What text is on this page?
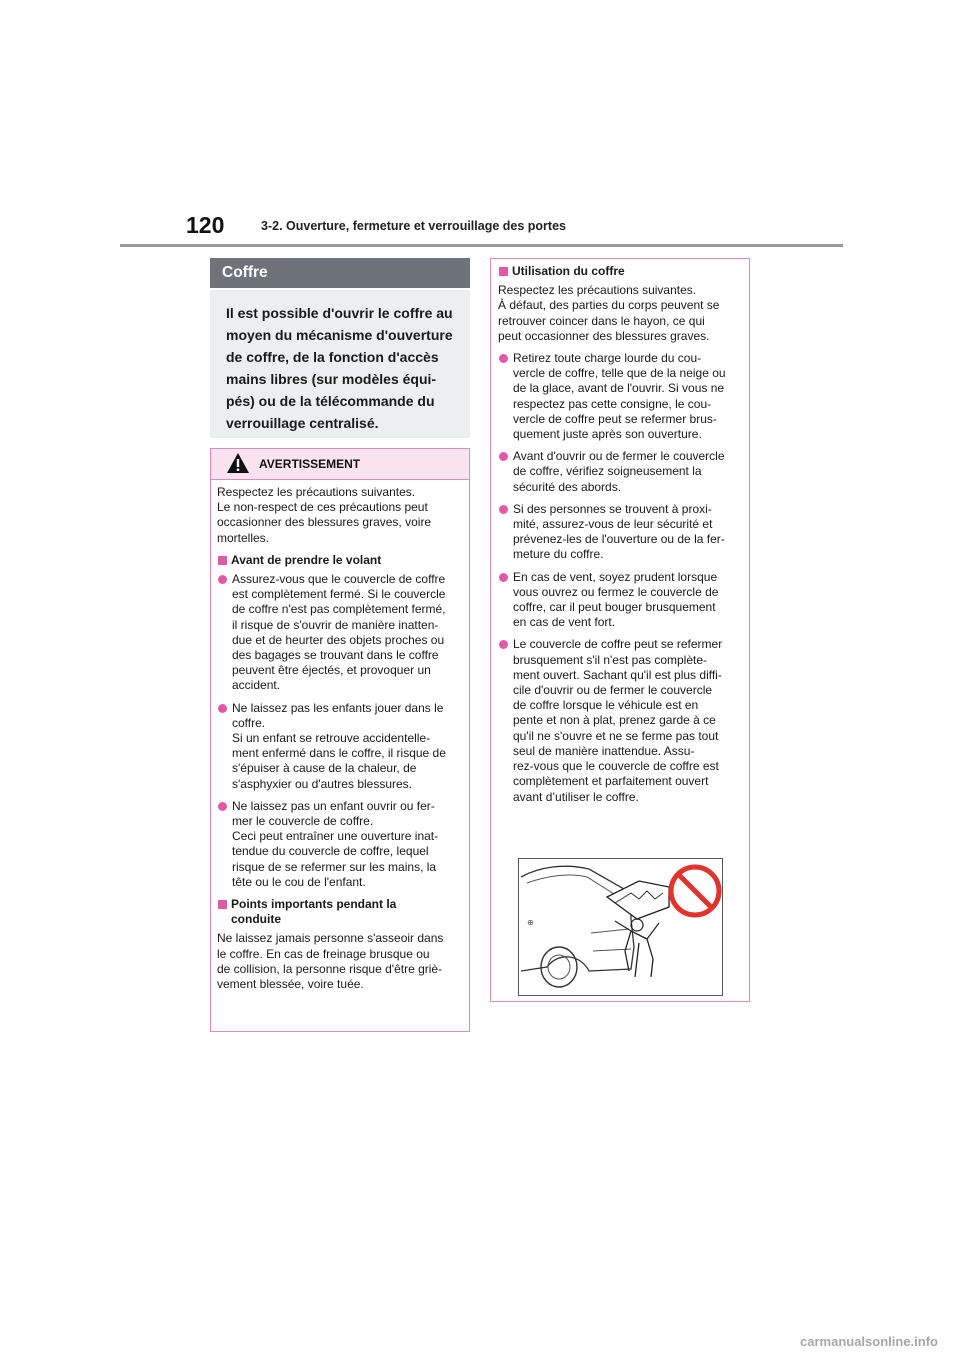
120	3-2. Ouverture, fermeture et verrouillage des portes
Coffre
Il est possible d'ouvrir le coffre au
moyen du mécanisme d'ouverture
de coffre, de la fonction d'accès
mains libres (sur modèles équi-
pés) ou de la télécommande du
verrouillage centralisé.
AVERTISSEMENT
Respectez les précautions suivantes.
Le non-respect de ces précautions peut
occasionner des blessures graves, voire
mortelles.
Avant de prendre le volant
Assurez-vous que le couvercle de coffre
est complètement fermé. Si le couvercle
de coffre n'est pas complètement fermé,
il risque de s'ouvrir de manière inatten-
due et de heurter des objets proches ou
des bagages se trouvant dans le coffre
peuvent être éjectés, et provoquer un
accident.
Ne laissez pas les enfants jouer dans le
coffre.
Si un enfant se retrouve accidentelle-
ment enfermé dans le coffre, il risque de
s'épuiser à cause de la chaleur, de
s'asphyxier ou d'autres blessures.
Ne laissez pas un enfant ouvrir ou fer-
mer le couvercle de coffre.
Ceci peut entraîner une ouverture inat-
tendue du couvercle de coffre, lequel
risque de se refermer sur les mains, la
tête ou le cou de l'enfant.
Points importants pendant la
conduite
Ne laissez jamais personne s'asseoir dans
le coffre. En cas de freinage brusque ou
de collision, la personne risque d'être griè-
vement blessée, voire tuée.
Utilisation du coffre
Respectez les précautions suivantes.
À défaut, des parties du corps peuvent se
retrouver coincer dans le hayon, ce qui
peut occasionner des blessures graves.
Retirez toute charge lourde du cou-
vercle de coffre, telle que de la neige ou
de la glace, avant de l'ouvrir. Si vous ne
respectez pas cette consigne, le cou-
vercle de coffre peut se refermer brus-
quement juste après son ouverture.
Avant d'ouvrir ou de fermer le couvercle
de coffre, vérifiez soigneusement la
sécurité des abords.
Si des personnes se trouvent à proxi-
mité, assurez-vous de leur sécurité et
prévenez-les de l'ouverture ou de la fer-
meture du coffre.
En cas de vent, soyez prudent lorsque
vous ouvrez ou fermez le couvercle de
coffre, car il peut bouger brusquement
en cas de vent fort.
Le couvercle de coffre peut se refermer
brusquement s'il n'est pas complète-
ment ouvert. Sachant qu'il est plus diffi-
cile d'ouvrir ou de fermer le couvercle
de coffre lorsque le véhicule est en
pente et non à plat, prenez garde à ce
qu'il ne s'ouvre et ne se ferme pas tout
seul de manière inattendue. Assu-
rez-vous que le couvercle de coffre est
complètement et parfaitement ouvert
avant d’utiliser le coffre.
⊕
carmanualsonline.info
